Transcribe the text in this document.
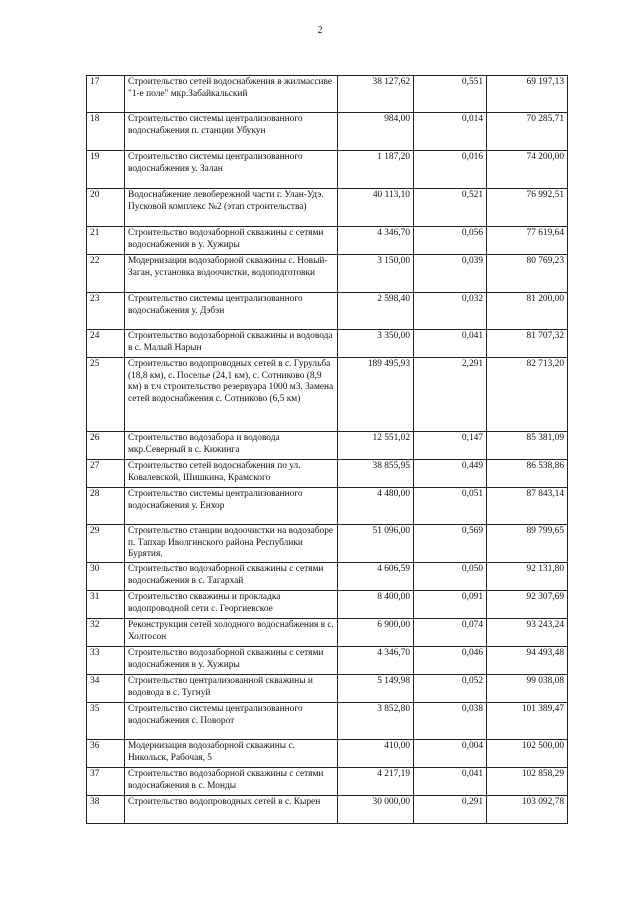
2
17	Строительство сетей водоснабжения в жилмассиве "1-е поле" мкр.Забайкальский	38 127,62	0,551	69 197,13
18	Строительство системы централизованного водоснабжения п. станции Убукун	984,00	0,014	70 285,71
19	Строительство системы централизованного водоснабжения у. Залан	1 187,20	0,016	74 200,00
20	Водоснабжение левобережной части г. Улан-Удэ. Пусковой комплекс №2 (этап строительства)	40 113,10	0,521	76 992,51
21	Строительство водозаборной скважины с сетями водоснабжения в у. Хужиры	4 346,70	0,056	77 619,64
22	Модернизация водозаборной скважины с. Новый-Заган, установка водоочистки, водоподготовки	3 150,00	0,039	80 769,23
23	Строительство системы централизованного водоснабжения у. Дэбэн	2 598,40	0,032	81 200,00
24	Строительство водозаборной скважины и водовода в с. Малый Нарын	3 350,00	0,041	81 707,32
25	Строительство водопроводных сетей в с. Гурульба (18,8 км), с. Поселье (24,1 км), с. Сотниково (8,9 км) в т.ч строительство резервуара 1000 м3. Замена сетей водоснабжения с. Сотниково (6,5 км)	189 495,93	2,291	82 713,20
26	Строительство водозабора и водовода мкр.Северный в с. Кижинга	12 551,02	0,147	85 381,09
27	Строительство сетей водоснабжения по ул. Ковалевской, Шишкина, Крамского	38 855,95	0,449	86 538,86
28	Строительство системы централизованного водоснабжения у. Енхор	4 480,00	0,051	87 843,14
29	Строительство станции водоочистки на водозаборе п. Тапхар Иволгинского района Республики Бурятия.	51 096,00	0,569	89 799,65
30	Строительство водозаборной скважины с сетями водоснабжения в с. Тагархай	4 606,59	0,050	92 131,80
31	Строительство скважины и прокладка водопроводной сети с. Георгиевское	8 400,00	0,091	92 307,69
32	Реконструкция сетей холодного водоснабжения в с. Холтосон	6 900,00	0,074	93 243,24
33	Строительство водозаборной скважины с сетями водоснабжения в у. Хужиры	4 346,70	0,046	94 493,48
34	Строительство централизованной скважины и водовода в с. Тугнуй	5 149,98	0,052	99 038,08
35	Строительство системы централизованного водоснабжения с. Поворот	3 852,80	0,038	101 389,47
36	Модернизация водозаборной скважины с. Никольск, Рабочая, 5	410,00	0,004	102 500,00
37	Строительство водозаборной скважины с сетями водоснабжения в с. Монды	4 217,19	0,041	102 858,29
38	Строительство водопроводных сетей в с. Кырен	30 000,00	0,291	103 092,78
